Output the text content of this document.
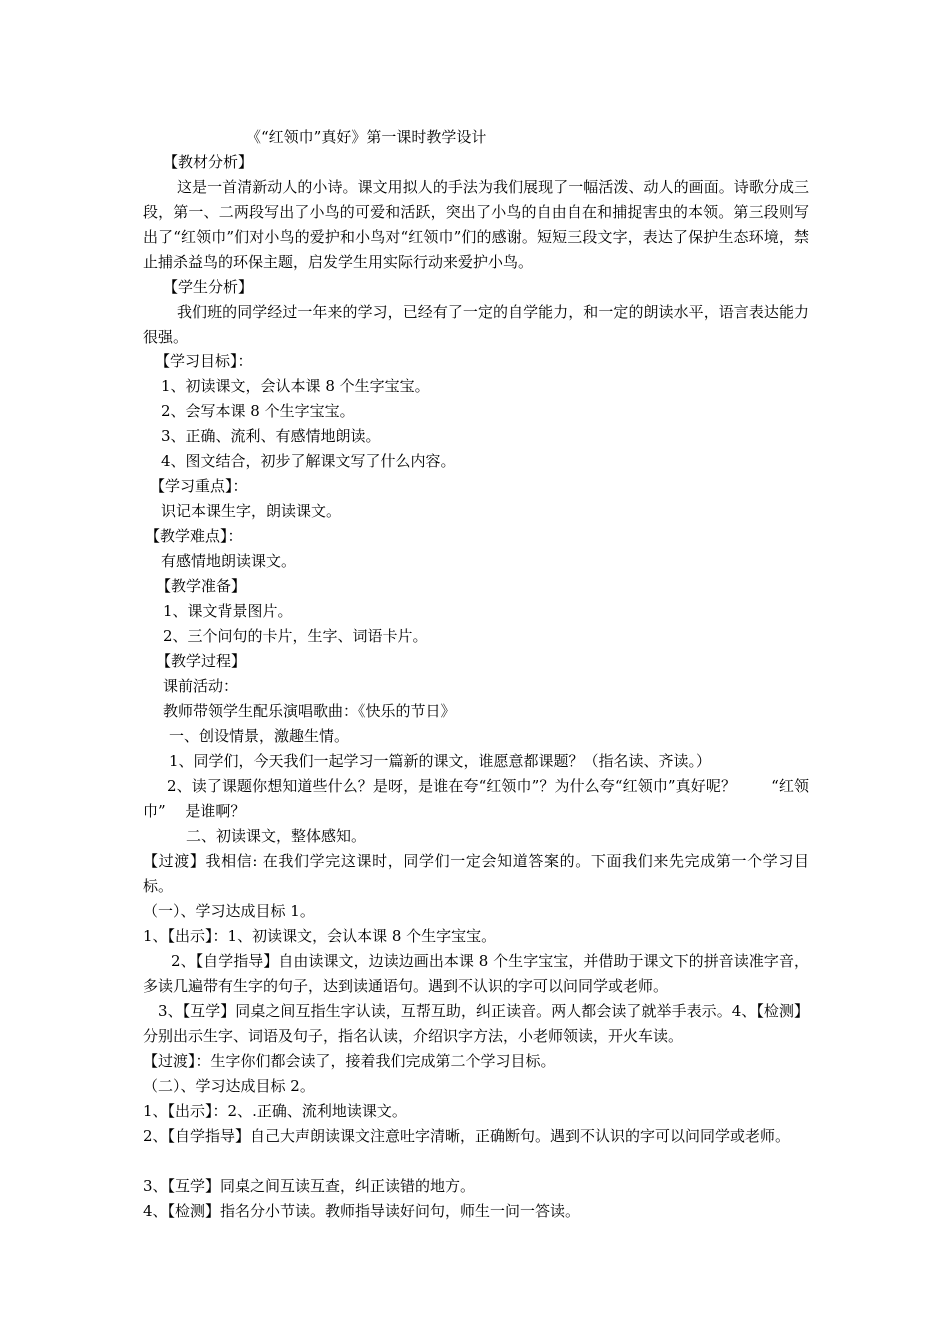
《“红领巾”真好》第一课时教学设计
【教材分析】
这是一首清新动人的小诗。课文用拟人的手法为我们展现了一幅活泼、动人的画面。诗歌分成三段，第一、二两段写出了小鸟的可爱和活跃，突出了小鸟的自由自在和捕捉害虫的本领。第三段则写出了“红领巾”们对小鸟的爱护和小鸟对“红领巾”们的感谢。短短三段文字，表达了保护生态环境，禁止捕杀益鸟的环保主题，启发学生用实际行动来爱护小鸟。
【学生分析】
我们班的同学经过一年来的学习，已经有了一定的自学能力，和一定的朗读水平，语言表达能力很强。
【学习目标】：
1、初读课文，会认本课 8 个生字宝宝。
2、会写本课 8 个生字宝宝。
3、正确、流利、有感情地朗读。
4、图文结合，初步了解课文写了什么内容。
【学习重点】：
识记本课生字，朗读课文。
【教学难点】：
有感情地朗读课文。
【教学准备】
1、课文背景图片。
2、三个问句的卡片，生字、词语卡片。
【教学过程】
课前活动：
教师带领学生配乐演唱歌曲：《快乐的节日》
一、创设情景，激趣生情。
1、同学们，今天我们一起学习一篇新的课文，谁愿意都课题？（指名读、齐读。）
2、读了课题你想知道些什么？是呀，是谁在夸“红领巾”？为什么夸“红领巾”真好呢？　　 “红领巾”　 是谁啊？
二、初读课文，整体感知。
【过渡】我相信: 在我们学完这课时，同学们一定会知道答案的。下面我们来先完成第一个学习目标。
（一）、学习达成目标 1。
1、【出示】：1、初读课文，会认本课 8 个生字宝宝。
2、【自学指导】自由读课文，边读边画出本课 8 个生字宝宝，并借助于课文下的拼音读准字音，多读几遍带有生字的句子，达到读通语句。遇到不认识的字可以问同学或老师。
3、【互学】同桌之间互指生字认读，互帮互助，纠正读音。两人都会读了就举手表示。4、【检测】分别出示生字、词语及句子，指名认读，介绍识字方法，小老师领读，开火车读。
【过渡】：生字你们都会读了，接着我们完成第二个学习目标。
（二）、学习达成目标 2。
1、【出示】：2、.正确、流利地读课文。
2、【自学指导】自己大声朗读课文注意吐字清晰，正确断句。遇到不认识的字可以问同学或老师。
3、【互学】同桌之间互读互查，纠正读错的地方。
4、【检测】指名分小节读。教师指导读好问句，师生一问一答读。
